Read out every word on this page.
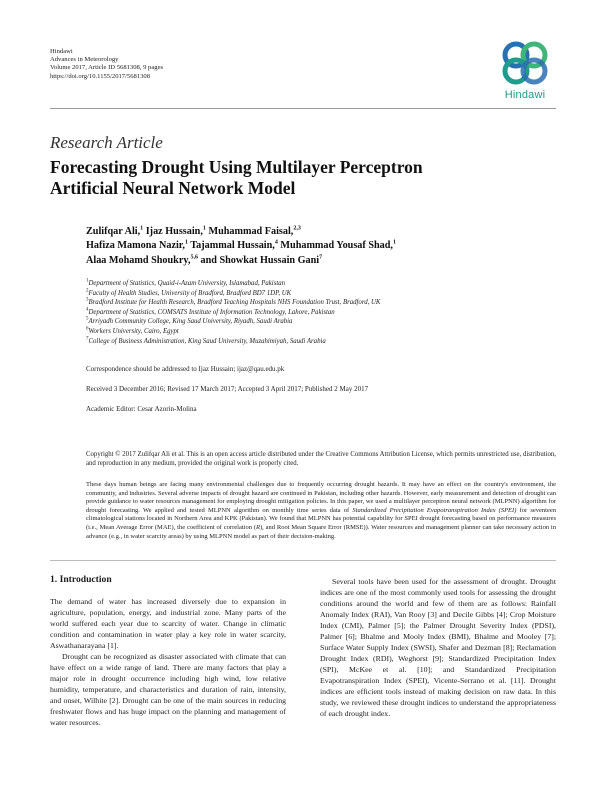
Hindawi
Advances in Meteorology
Volume 2017, Article ID 5681308, 9 pages
https://doi.org/10.1155/2017/5681308
Hindawi
Research Article
Forecasting Drought Using Multilayer Perceptron
Artificial Neural Network Model
Zulifqar Ali,$^1$ Ijaz Hussain,$^1$ Muhammad Faisal,$^{2,3}$
Hafiza Mamona Nazir,$^1$ Tajammal Hussain,$^4$ Muhammad Yousaf Shad,$^1$
Alaa Mohamd Shoukry,$^{5,6}$ and Showkat Hussain Gani$^7$
$^1$Department of Statistics, Quaid-i-Azam University, Islamabad, Pakistan
$^2$Faculty of Health Studies, University of Bradford, Bradford BD7 1DP, UK
$^3$Bradford Institute for Health Research, Bradford Teaching Hospitals NHS Foundation Trust, Bradford, UK
$^4$Department of Statistics, COMSATS Institute of Information Technology, Lahore, Pakistan
$^5$Arriyadh Community College, King Saud University, Riyadh, Saudi Arabia
$^6$Workers University, Cairo, Egypt
$^7$College of Business Administration, King Saud University, Muzahimiyah, Saudi Arabia
Correspondence should be addressed to Ijaz Hussain; ijaz@qau.edu.pk
Received 3 December 2016; Revised 17 March 2017; Accepted 3 April 2017; Published 2 May 2017
Academic Editor: Cesar Azorin-Molina
Copyright © 2017 Zulifqar Ali et al. This is an open access article distributed under the Creative Commons Attribution License, which permits unrestricted use, distribution, and reproduction in any medium, provided the original work is properly cited.

These days human beings are facing many environmental challenges due to frequently occurring drought hazards. It may have an effect on the country's environment, the community, and industries. Several adverse impacts of drought hazard are continued in Pakistan, including other hazards. However, early measurement and detection of drought can provide guidance to water resources management for employing drought mitigation policies. In this paper, we used a multilayer perceptron neural network (MLPNN) algorithm for drought forecasting. We applied and tested MLPNN algorithm on monthly time series data of Standardized Precipitation Evapotranspiration Index (SPEI) for seventeen climatological stations located in Northern Area and KPK (Pakistan). We found that MLPNN has potential capability for SPEI drought forecasting based on performance measures (i.e., Mean Average Error (MAE), the coefficient of correlation (R), and Root Mean Square Error (RMSE)). Water resources and management planner can take necessary action in advance (e.g., in water scarcity areas) by using MLPNN model as part of their decision-making.

1. Introduction

The demand of water has increased diversely due to expansion in agriculture, population, energy, and industrial zone. Many parts of the world suffered each year due to scarcity of water. Change in climatic condition and contamination in water play a key role in water scarcity, Aswathanarayana [1].

Drought can be recognized as disaster associated with climate that can have effect on a wide range of land. There are many factors that play a major role in drought occurrence including high wind, low relative humidity, temperature, and characteristics and duration of rain, intensity, and onset, Wilhite [2]. Drought can be one of the main sources in reducing freshwater flows and has huge impact on the planning and management of water resources.

Several tools have been used for the assessment of drought. Drought indices are one of the most commonly used tools for assessing the drought conditions around the world and few of them are as follows: Rainfall Anomaly Index (RAI), Van Rooy [3] and Decile Gibbs [4]; Crop Moisture Index (CMI), Palmer [5]; the Palmer Drought Severity Index (PDSI), Palmer [6]; Bhalme and Mooly Index (BMI), Bhalme and Mooley [7]; Surface Water Supply Index (SWSI), Shafer and Dezman [8]; Reclamation Drought Index (RDI), Weghorst [9]; Standardized Precipitation Index (SPI), McKee et al. [10]; and Standardized Precipitation Evapotranspiration Index (SPEI), Vicente-Serrano et al. [11]. Drought indices are efficient tools instead of making decision on raw data. In this study, we reviewed these drought indices to understand the appropriateness of each drought index.
